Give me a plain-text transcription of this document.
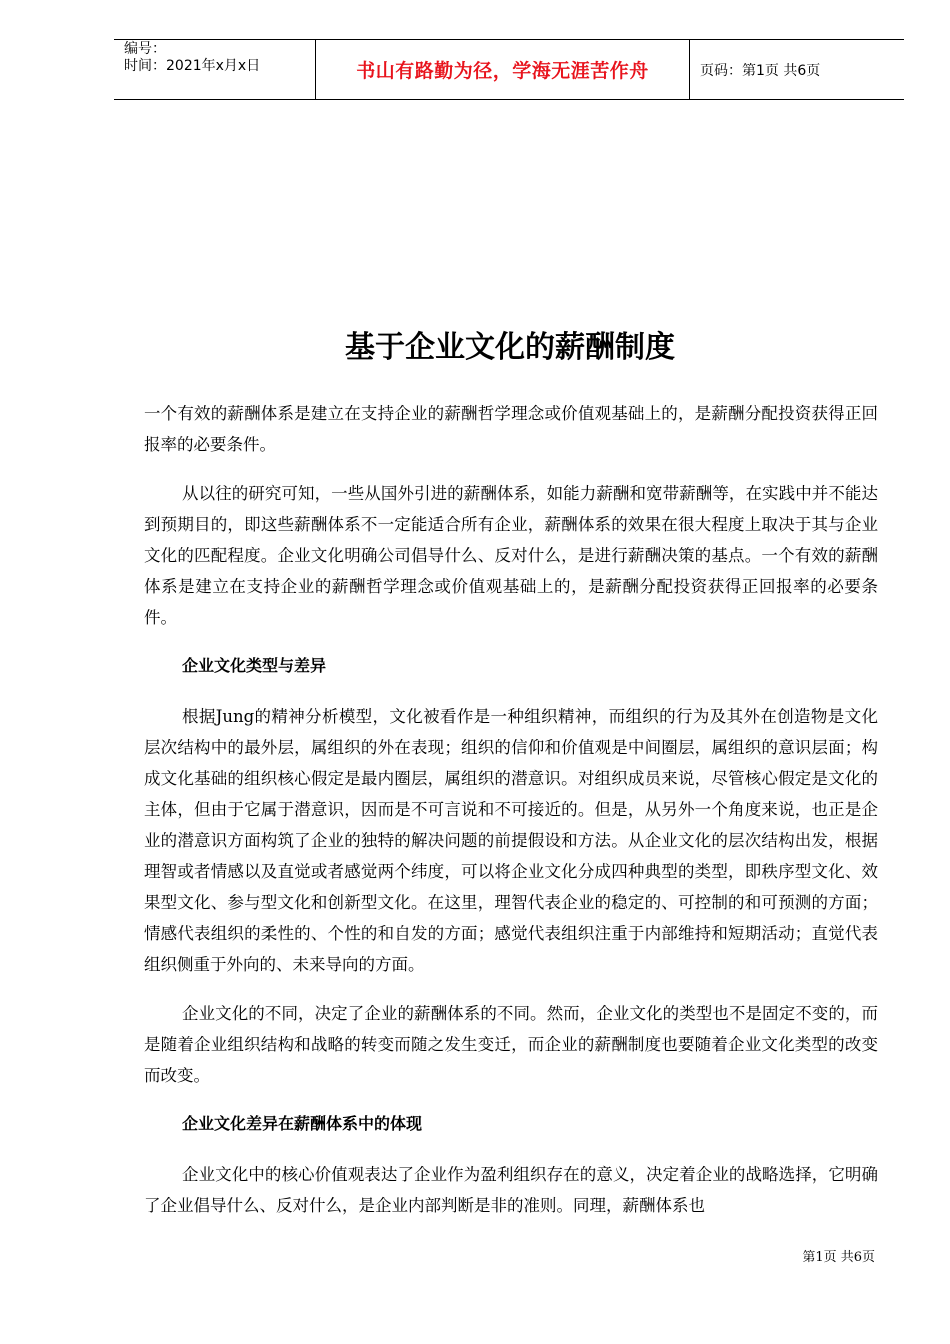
编号：
时间：2021年x月x日	书山有路勤为径，学海无涯苦作舟	页码：第1页 共6页
基于企业文化的薪酬制度

一个有效的薪酬体系是建立在支持企业的薪酬哲学理念或价值观基础上的，是薪酬分配投资获得正回报率的必要条件。

从以往的研究可知，一些从国外引进的薪酬体系，如能力薪酬和宽带薪酬等，在实践中并不能达到预期目的，即这些薪酬体系不一定能适合所有企业，薪酬体系的效果在很大程度上取决于其与企业文化的匹配程度。企业文化明确公司倡导什么、反对什么，是进行薪酬决策的基点。一个有效的薪酬体系是建立在支持企业的薪酬哲学理念或价值观基础上的，是薪酬分配投资获得正回报率的必要条件。

企业文化类型与差异

根据Jung的精神分析模型，文化被看作是一种组织精神，而组织的行为及其外在创造物是文化层次结构中的最外层，属组织的外在表现；组织的信仰和价值观是中间圈层，属组织的意识层面；构成文化基础的组织核心假定是最内圈层，属组织的潜意识。对组织成员来说，尽管核心假定是文化的主体，但由于它属于潜意识，因而是不可言说和不可接近的。但是，从另外一个角度来说，也正是企业的潜意识方面构筑了企业的独特的解决问题的前提假设和方法。从企业文化的层次结构出发，根据理智或者情感以及直觉或者感觉两个纬度，可以将企业文化分成四种典型的类型，即秩序型文化、效果型文化、参与型文化和创新型文化。在这里，理智代表企业的稳定的、可控制的和可预测的方面；情感代表组织的柔性的、个性的和自发的方面；感觉代表组织注重于内部维持和短期活动；直觉代表组织侧重于外向的、未来导向的方面。

企业文化的不同，决定了企业的薪酬体系的不同。然而，企业文化的类型也不是固定不变的，而是随着企业组织结构和战略的转变而随之发生变迁，而企业的薪酬制度也要随着企业文化类型的改变而改变。

企业文化差异在薪酬体系中的体现

企业文化中的核心价值观表达了企业作为盈利组织存在的意义，决定着企业的战略选择，它明确了企业倡导什么、反对什么，是企业内部判断是非的准则。同理，薪酬体系也

第1页 共6页
